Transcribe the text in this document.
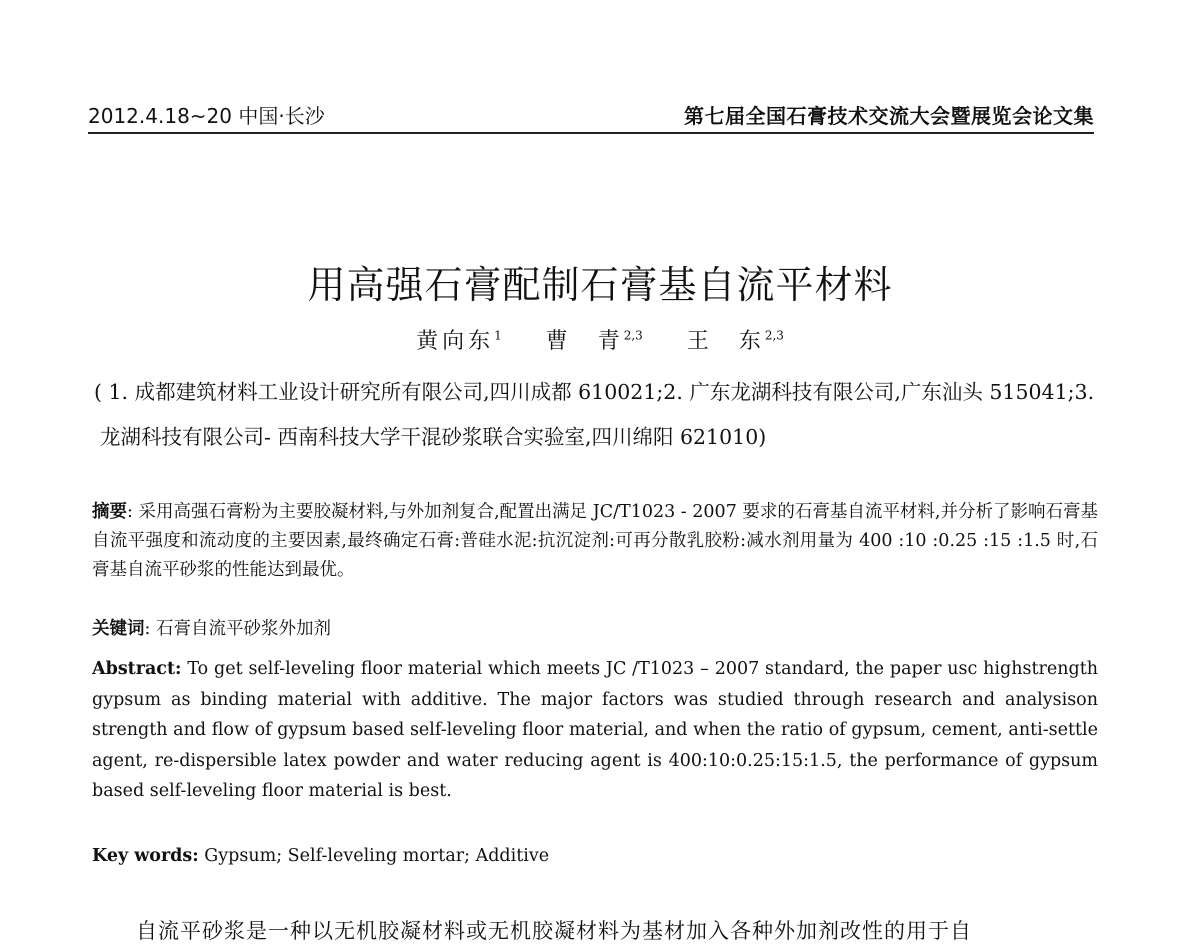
2012.4.18~20 中国·长沙	第七届全国石膏技术交流大会暨展览会论文集
用高强石膏配制石膏基自流平材料
黄向东$^1$ 曹　青$^{2,3}$ 王　东$^{2,3}$
( 1. 成都建筑材料工业设计研究所有限公司,四川成都 610021;2. 广东龙湖科技有限公司,广东汕头 515041;3. 龙湖科技有限公司- 西南科技大学干混砂浆联合实验室,四川绵阳 621010)
摘要: 采用高强石膏粉为主要胶凝材料,与外加剂复合,配置出满足 JC/T1023 - 2007 要求的石膏基自流平材料,并分析了影响石膏基自流平强度和流动度的主要因素,最终确定石膏:普硅水泥:抗沉淀剂:可再分散乳胶粉:减水剂用量为 400 :10 :0.25 :15 :1.5 时,石膏基自流平砂浆的性能达到最优。
关键词: 石膏自流平砂浆外加剂
Abstract: To get self-leveling floor material which meets JC /T1023 – 2007 standard, the paper usc highstrength gypsum as binding material with additive. The major factors was studied through research and analysison strength and flow of gypsum based self-leveling floor material, and when the ratio of gypsum, cement, anti-settle agent, re-dispersible latex powder and water reducing agent is 400:10:0.25:15:1.5, the performance of gypsum based self-leveling floor material is best.
Key words: Gypsum; Self-leveling mortar; Additive
自流平砂浆是一种以无机胶凝材料或无机胶凝材料为基材加入各种外加剂改性的用于自
